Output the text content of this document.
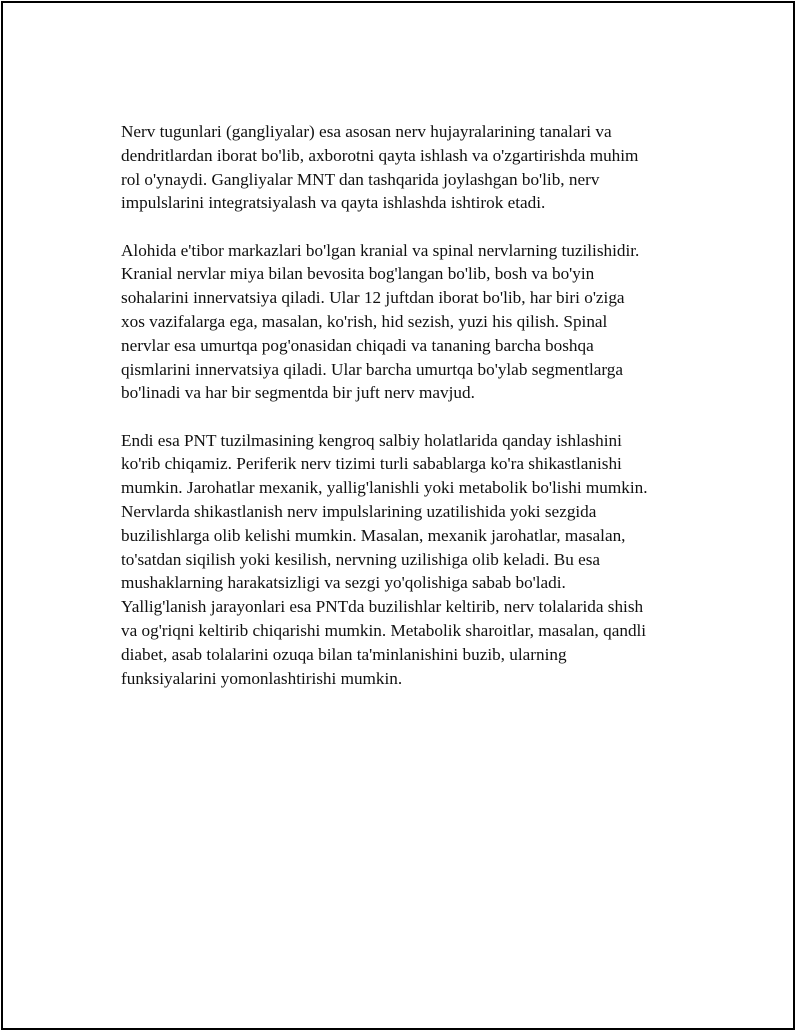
Nerv tugunlari (gangliyalar) esa asosan nerv hujayralarining tanalari va
dendritlardan iborat bo'lib, axborotni qayta ishlash va o'zgartirishda muhim
rol o'ynaydi. Gangliyalar MNT dan tashqarida joylashgan bo'lib, nerv
impulslarini integratsiyalash va qayta ishlashda ishtirok etadi.

Alohida e'tibor markazlari bo'lgan kranial va spinal nervlarning tuzilishidir.
Kranial nervlar miya bilan bevosita bog'langan bo'lib, bosh va bo'yin
sohalarini innervatsiya qiladi. Ular 12 juftdan iborat bo'lib, har biri o'ziga
xos vazifalarga ega, masalan, ko'rish, hid sezish, yuzi his qilish. Spinal
nervlar esa umurtqa pog'onasidan chiqadi va tananing barcha boshqa
qismlarini innervatsiya qiladi. Ular barcha umurtqa bo'ylab segmentlarga
bo'linadi va har bir segmentda bir juft nerv mavjud.

Endi esa PNT tuzilmasining kengroq salbiy holatlarida qanday ishlashini
ko'rib chiqamiz. Periferik nerv tizimi turli sabablarga ko'ra shikastlanishi
mumkin. Jarohatlar mexanik, yallig'lanishli yoki metabolik bo'lishi mumkin.
Nervlarda shikastlanish nerv impulslarining uzatilishida yoki sezgida
buzilishlarga olib kelishi mumkin. Masalan, mexanik jarohatlar, masalan,
to'satdan siqilish yoki kesilish, nervning uzilishiga olib keladi. Bu esa
mushaklarning harakatsizligi va sezgi yo'qolishiga sabab bo'ladi.
Yallig'lanish jarayonlari esa PNTda buzilishlar keltirib, nerv tolalarida shish
va og'riqni keltirib chiqarishi mumkin. Metabolik sharoitlar, masalan, qandli
diabet, asab tolalarini ozuqa bilan ta'minlanishini buzib, ularning
funksiyalarini yomonlashtirishi mumkin.
